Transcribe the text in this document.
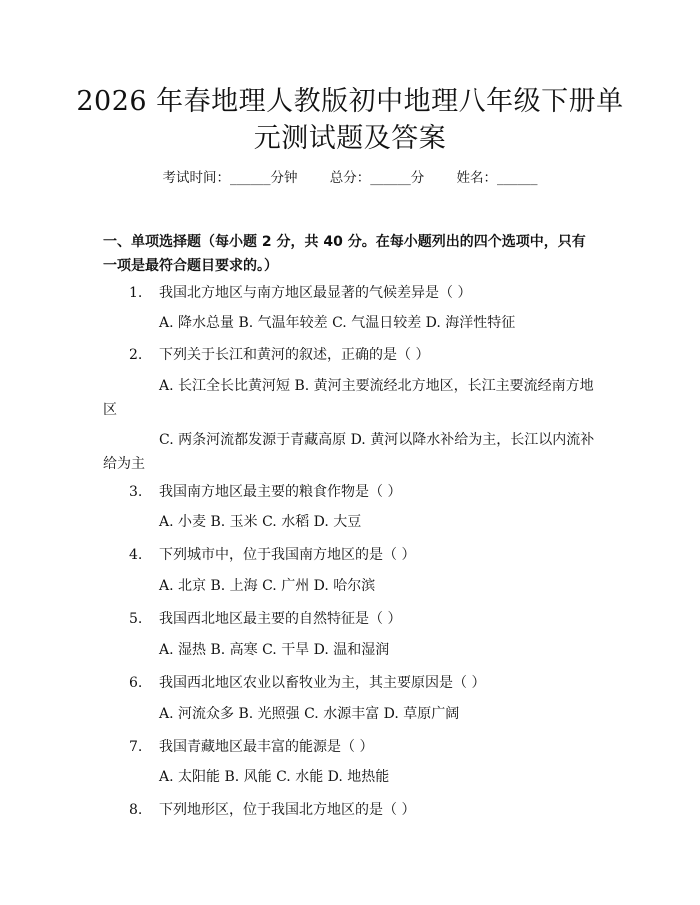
2026 年春地理人教版初中地理八年级下册单
元测试题及答案
考试时间：______分钟 总分：______分 姓名：______
一、单项选择题（每小题 2 分，共 40 分。在每小题列出的四个选项中，只有一项是最符合题目要求的。）
1. 我国北方地区与南方地区最显著的气候差异是（ ）
A. 降水总量 B. 气温年较差 C. 气温日较差 D. 海洋性特征
2. 下列关于长江和黄河的叙述，正确的是（ ）
A. 长江全长比黄河短 B. 黄河主要流经北方地区，长江主要流经南方地区
C. 两条河流都发源于青藏高原 D. 黄河以降水补给为主，长江以内流补给为主
3. 我国南方地区最主要的粮食作物是（ ）
A. 小麦 B. 玉米 C. 水稻 D. 大豆
4. 下列城市中，位于我国南方地区的是（ ）
A. 北京 B. 上海 C. 广州 D. 哈尔滨
5. 我国西北地区最主要的自然特征是（ ）
A. 湿热 B. 高寒 C. 干旱 D. 温和湿润
6. 我国西北地区农业以畜牧业为主，其主要原因是（ ）
A. 河流众多 B. 光照强 C. 水源丰富 D. 草原广阔
7. 我国青藏地区最丰富的能源是（ ）
A. 太阳能 B. 风能 C. 水能 D. 地热能
8. 下列地形区，位于我国北方地区的是（ ）
